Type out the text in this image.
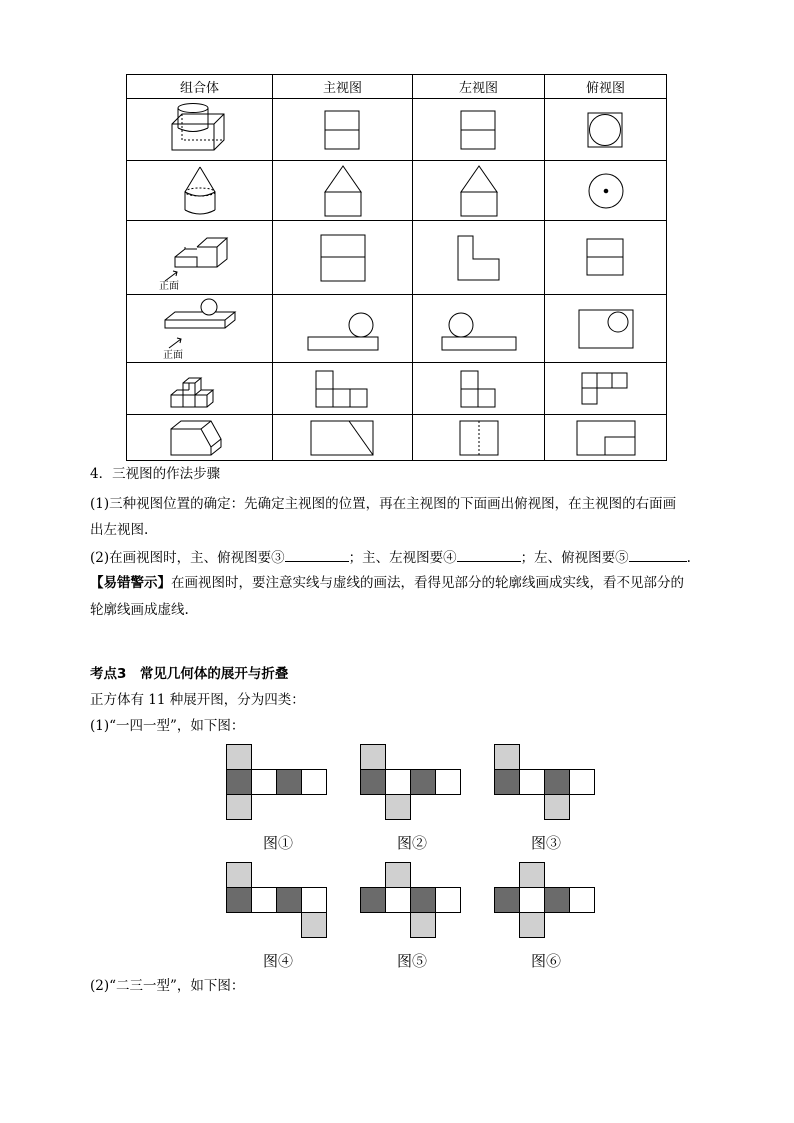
组合体	主视图	左视图	俯视图

正面

正面

4．三视图的作法步骤
(1)三种视图位置的确定：先确定主视图的位置，再在主视图的下面画出俯视图，在主视图的右面画
出左视图.
(2)在画视图时，主、俯视图要③	；主、左视图要④	；左、俯视图要⑤	.
【易错警示】在画视图时，要注意实线与虚线的画法，看得见部分的轮廓线画成实线，看不见部分的
轮廓线画成虚线.
考点3　常见几何体的展开与折叠
正方体有 11 种展开图，分为四类：
(1)“一四一型”，如下图：
图①	图②	图③
图④	图⑤	图⑥
(2)“二三一型”，如下图：
